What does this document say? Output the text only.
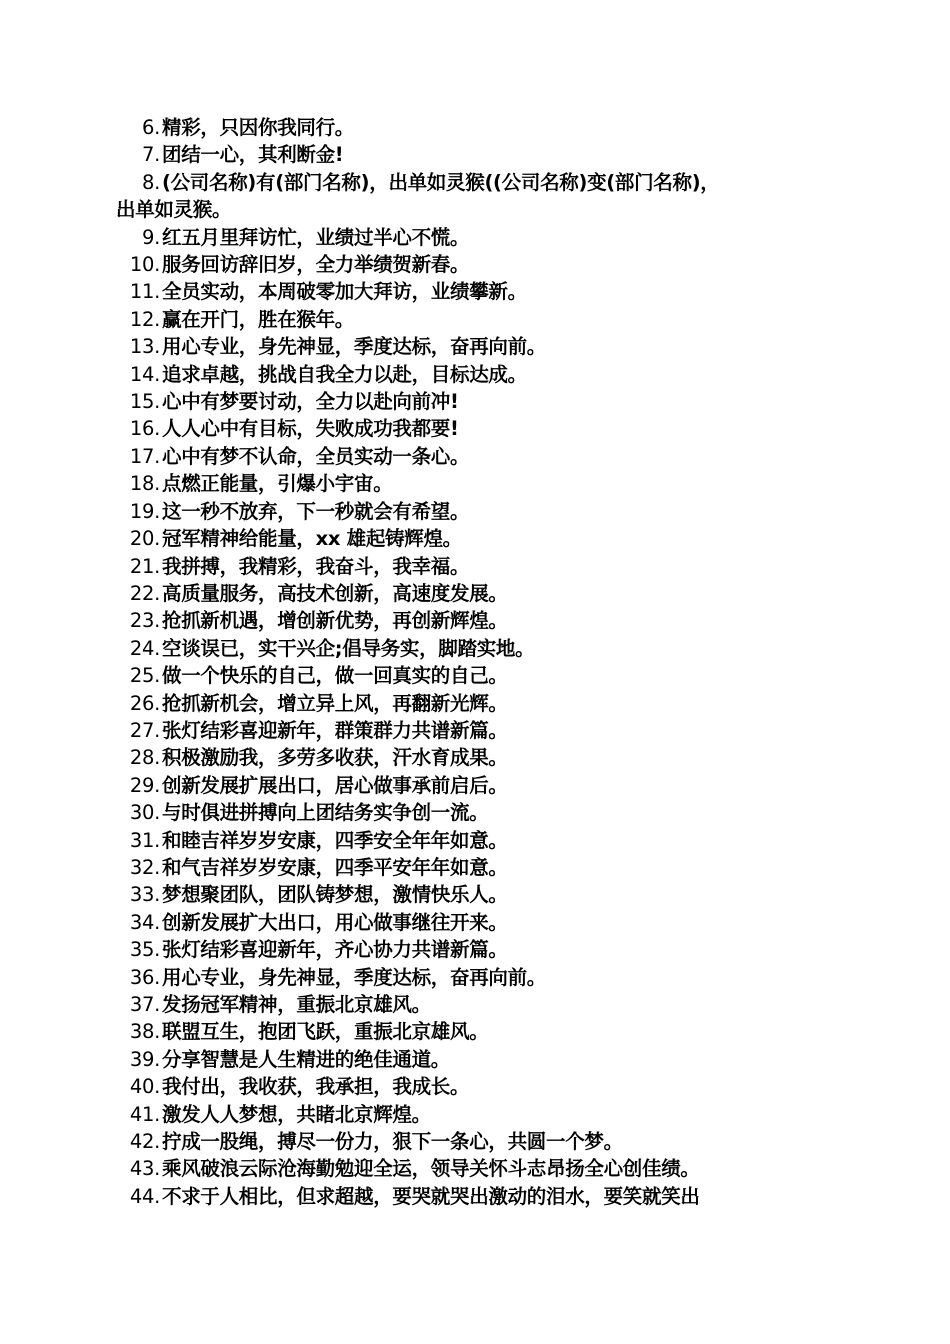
6. 精彩，只因你我同行。
7. 团结一心，其利断金!
8. (公司名称)有(部门名称)，出单如灵猴((公司名称)变(部门名称)，
出单如灵猴。
9. 红五月里拜访忙，业绩过半心不慌。
10. 服务回访辞旧岁，全力举绩贺新春。
11. 全员实动，本周破零加大拜访，业绩攀新。
12. 赢在开门，胜在猴年。
13. 用心专业，身先神显，季度达标，奋再向前。
14. 追求卓越，挑战自我全力以赴，目标达成。
15. 心中有梦要讨动，全力以赴向前冲!
16. 人人心中有目标，失败成功我都要!
17. 心中有梦不认命，全员实动一条心。
18. 点燃正能量，引爆小宇宙。
19. 这一秒不放弃，下一秒就会有希望。
20. 冠军精神给能量，xx 雄起铸辉煌。
21. 我拼搏，我精彩，我奋斗，我幸福。
22. 高质量服务，高技术创新，高速度发展。
23. 抢抓新机遇，增创新优势，再创新辉煌。
24. 空谈误已，实干兴企;倡导务实，脚踏实地。
25. 做一个快乐的自己，做一回真实的自己。
26. 抢抓新机会，增立异上风，再翻新光辉。
27. 张灯结彩喜迎新年，群策群力共谱新篇。
28. 积极激励我，多劳多收获，汗水育成果。
29. 创新发展扩展出口，居心做事承前启后。
30. 与时俱进拼搏向上团结务实争创一流。
31. 和睦吉祥岁岁安康，四季安全年年如意。
32. 和气吉祥岁岁安康，四季平安年年如意。
33. 梦想聚团队，团队铸梦想，激情快乐人。
34. 创新发展扩大出口，用心做事继往开来。
35. 张灯结彩喜迎新年，齐心协力共谱新篇。
36. 用心专业，身先神显，季度达标，奋再向前。
37. 发扬冠军精神，重振北京雄风。
38. 联盟互生，抱团飞跃，重振北京雄风。
39. 分享智慧是人生精进的绝佳通道。
40. 我付出，我收获，我承担，我成长。
41. 激发人人梦想，共睹北京辉煌。
42. 拧成一股绳，搏尽一份力，狠下一条心，共圆一个梦。
43. 乘风破浪云际沧海勤勉迎全运，领导关怀斗志昂扬全心创佳绩。
44. 不求于人相比，但求超越，要哭就哭出激动的泪水，要笑就笑出
